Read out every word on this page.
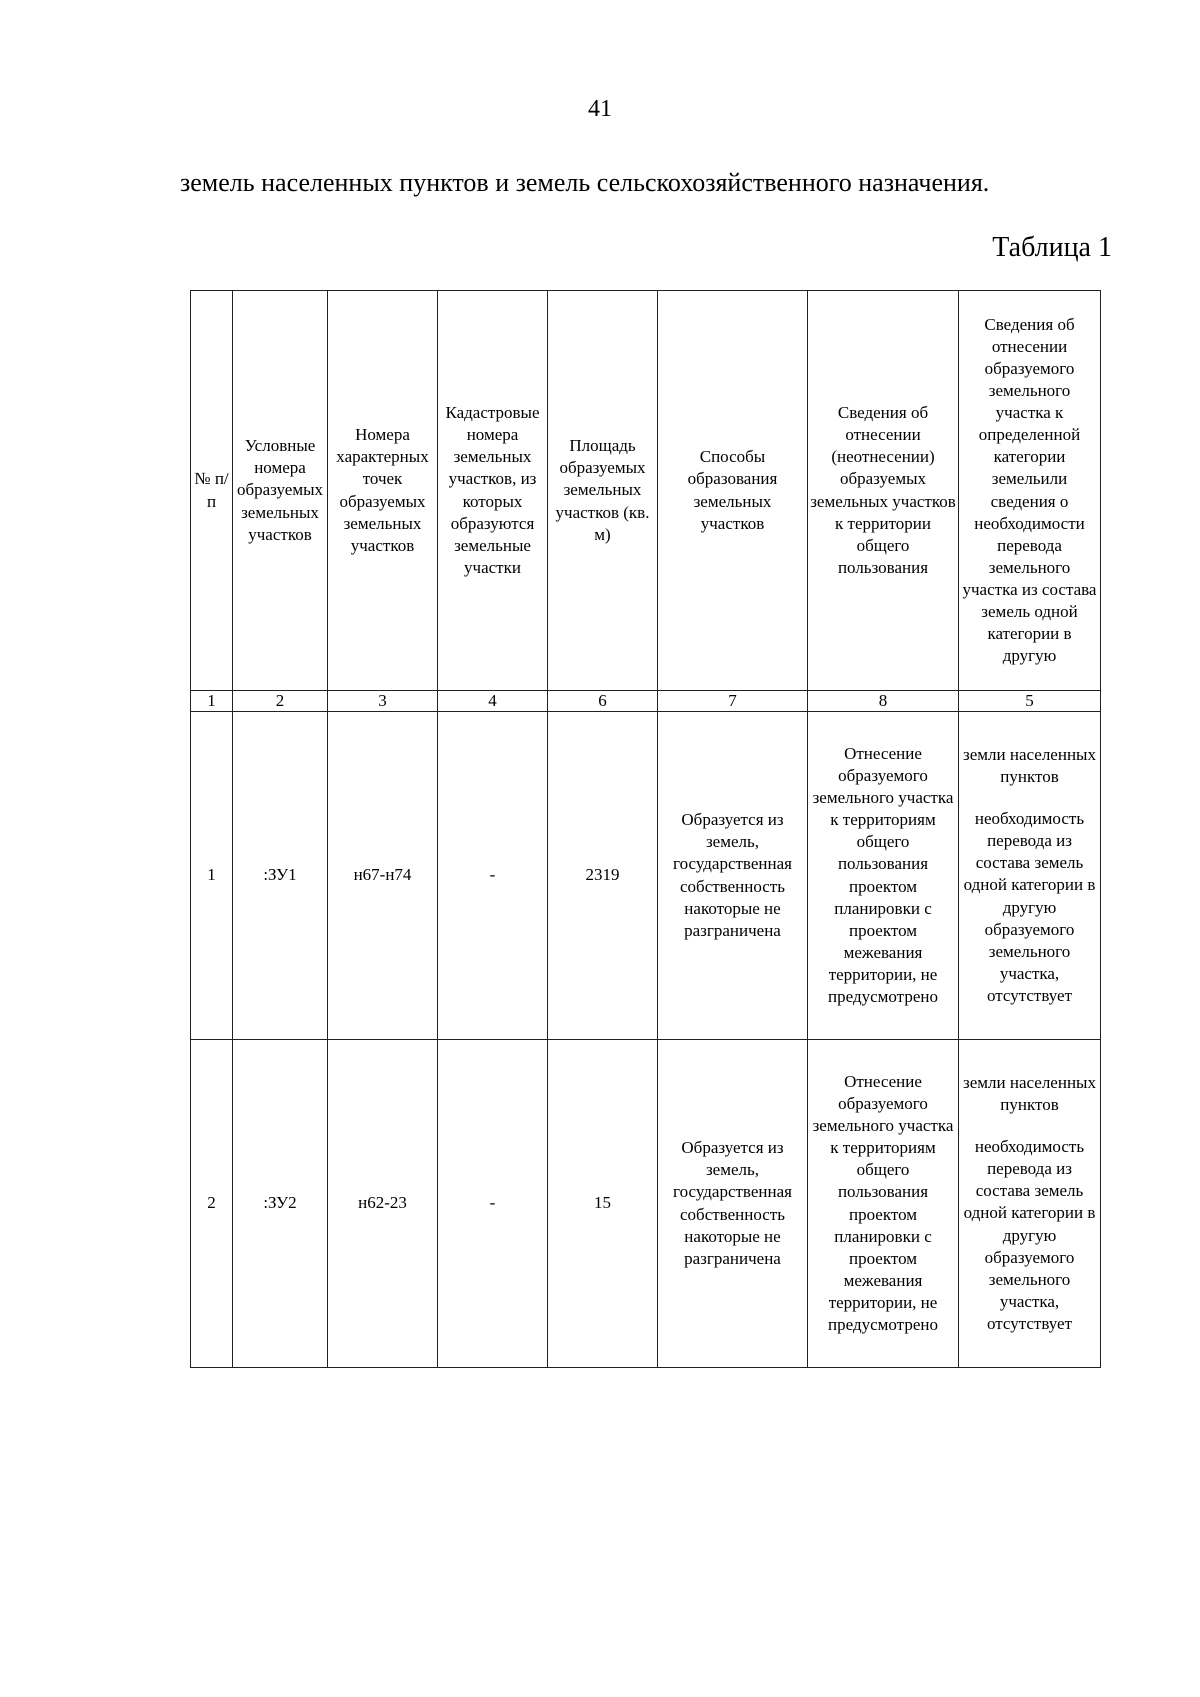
41
земель населенных пунктов и земель сельскохозяйственного назначения.
Таблица 1
№ п/п	Условные номера образуемых земельных участков	Номера характерных точек образуемых земельных участков	Кадастровые номера земельных участков, из которых образуются земельные участки	Площадь образуемых земельных участков (кв. м)	Способы образования земельных участков	Сведения об отнесении (неотнесении) образуемых земельных участков к территории общего пользования	Сведения об отнесении образуемого земельного участка к определенной категории земельили сведения о необходимости перевода земельного участка из состава земель одной категории в другую
1	2	3	4	6	7	8	5
1	:ЗУ1	н67-н74	-	2319	Образуется из земель, государственная собственность накоторые не разграничена	Отнесение образуемого земельного участка к территориям общего пользования проектом планировки с проектом межевания территории, не предусмотрено	земли населенных пунктов
необходимость перевода из состава земель одной категории в другую образуемого земельного участка, отсутствует

2	:ЗУ2	н62-23	-	15	Образуется из земель, государственная собственность накоторые не разграничена	Отнесение образуемого земельного участка к территориям общего пользования проектом планировки с проектом межевания территории, не предусмотрено	земли населенных пунктов
необходимость перевода из состава земель одной категории в другую образуемого земельного участка, отсутствует
